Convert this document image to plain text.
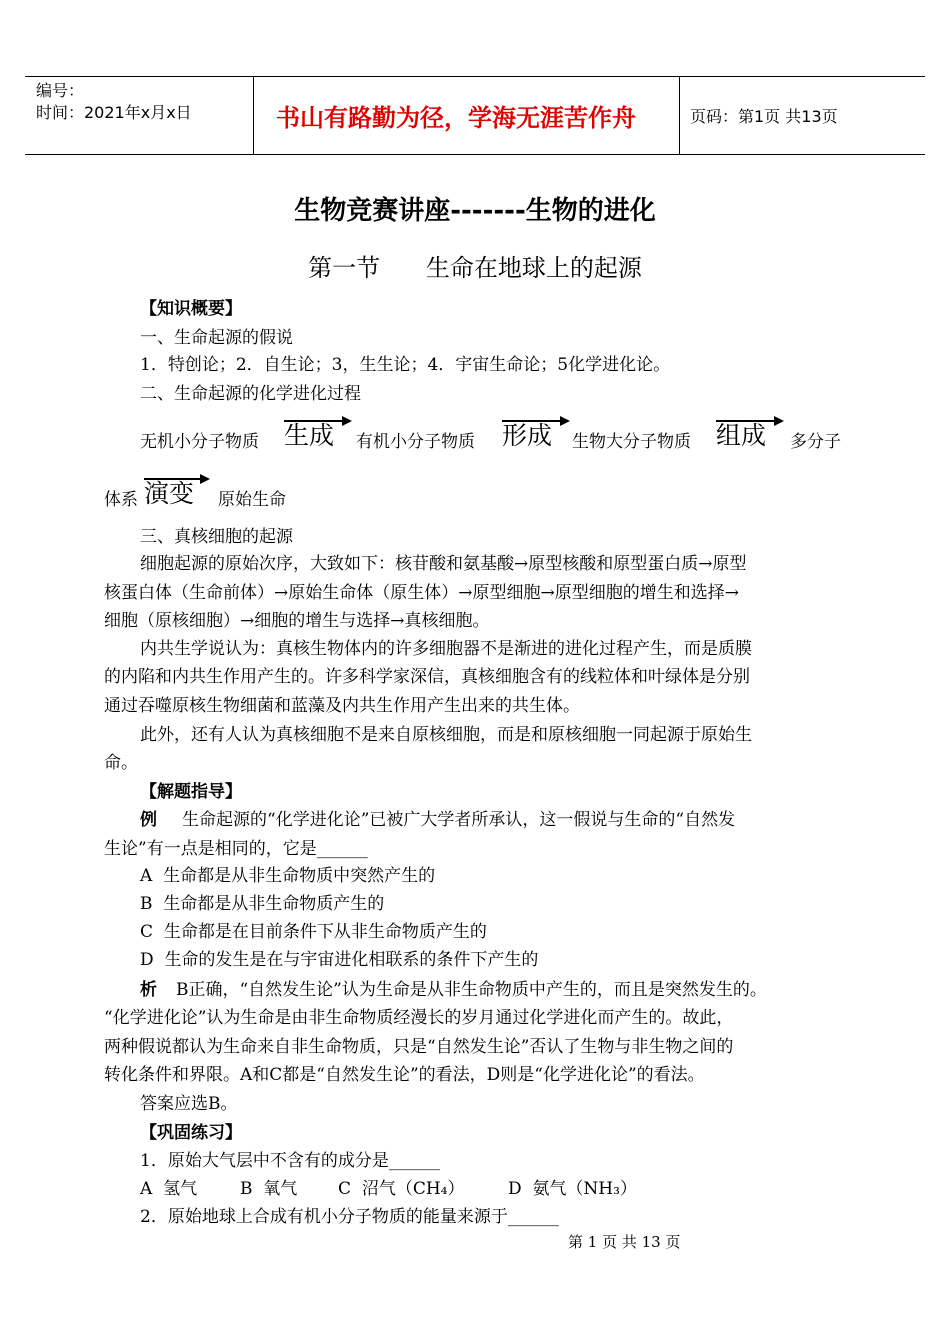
编号：
时间：2021年x月x日	书山有路勤为径，学海无涯苦作舟	页码：第1页 共13页
生物竞赛讲座-------生物的进化
第一节      生命在地球上的起源
【知识概要】
一、生命起源的假说
1．特创论；2．自生论；3，生生论；4．宇宙生命论；5化学进化论。
二、生命起源的化学进化过程
无机小分子物质 生成 有机小分子物质 形成 生物大分子物质 组成 多分子
体系 演变 原始生命
三、真核细胞的起源
细胞起源的原始次序，大致如下：核苷酸和氨基酸→原型核酸和原型蛋白质→原型
核蛋白体（生命前体）→原始生命体（原生体）→原型细胞→原型细胞的增生和选择→
细胞（原核细胞）→细胞的增生与选择→真核细胞。
内共生学说认为：真核生物体内的许多细胞器不是渐进的进化过程产生，而是质膜
的内陷和内共生作用产生的。许多科学家深信，真核细胞含有的线粒体和叶绿体是分别
通过吞噬原核生物细菌和蓝藻及内共生作用产生出来的共生体。
此外，还有人认为真核细胞不是来自原核细胞，而是和原核细胞一同起源于原始生
命。
【解题指导】
例 生命起源的“化学进化论”已被广大学者所承认，这一假说与生命的“自然发
生论”有一点是相同的，它是______
A  生命都是从非生命物质中突然产生的
B  生命都是从非生命物质产生的
C  生命都是在目前条件下从非生命物质产生的
D  生命的发生是在与宇宙进化相联系的条件下产生的
析 B正确，“自然发生论”认为生命是从非生命物质中产生的，而且是突然发生的。
“化学进化论”认为生命是由非生命物质经漫长的岁月通过化学进化而产生的。故此，
两种假说都认为生命来自非生命物质，只是“自然发生论”否认了生物与非生物之间的
转化条件和界限。A和C都是“自然发生论”的看法，D则是“化学进化论”的看法。
答案应选B。
【巩固练习】
1．原始大气层中不含有的成分是______
A  氢气	B  氧气 C  沼气（CH₄）	D  氨气（NH₃）
2．原始地球上合成有机小分子物质的能量来源于______
第 1 页 共 13 页
